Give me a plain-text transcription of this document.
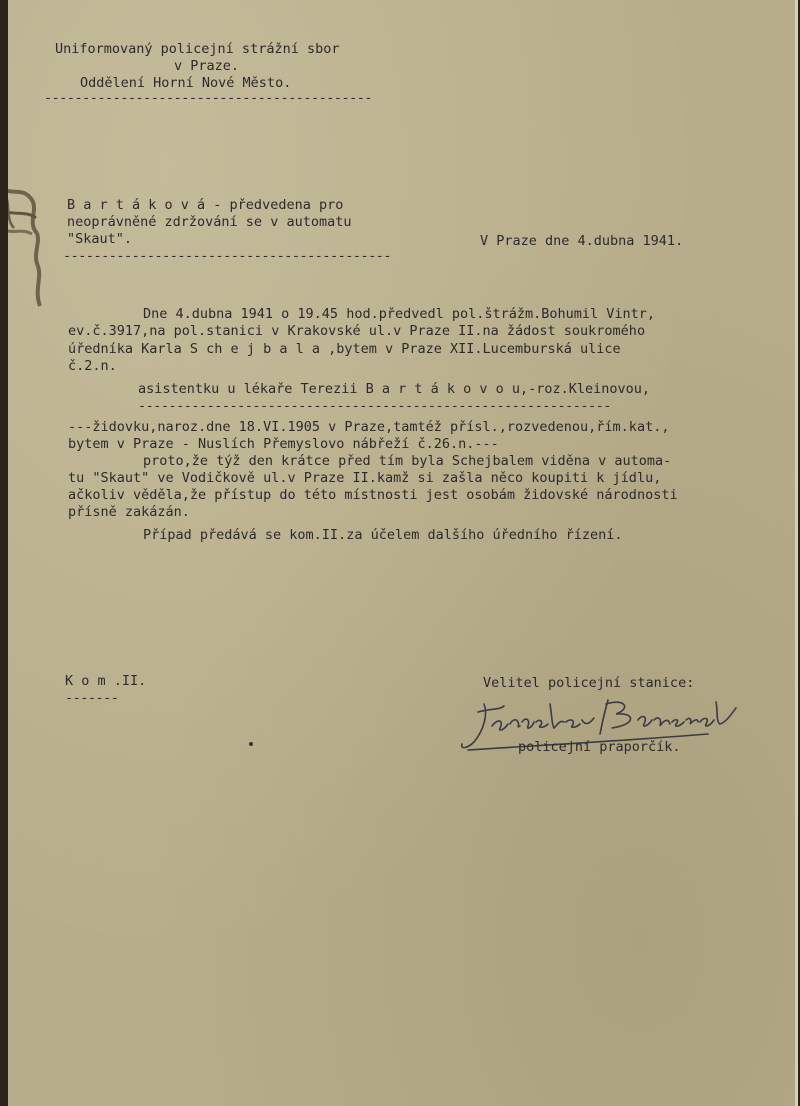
Uniformovaný policejní strážní sbor
v Praze.
Oddělení Horní Nové Město.
-------------------------------------------
B a r t á k o v á - předvedena pro
neoprávněné zdržování se v automatu
"Skaut".
-------------------------------------------
V Praze dne 4.dubna 1941.
Dne 4.dubna 1941 o 19.45 hod.předvedl pol.štrážm.Bohumil Vintr,
ev.č.3917,na pol.stanici v Krakovské ul.v Praze II.na žádost soukromého
úředníka Karla S ch e j b a l a ,bytem v Praze XII.Lucemburská ulice
č.2.n.
asistentku u lékaře Terezii B a r t á k o v o u,-roz.Kleinovou,
--------------------------------------------------------------
---židovku,naroz.dne 18.VI.1905 v Praze,tamtéž přísl.,rozvedenou,řím.kat.,
bytem v Praze - Nuslích Přemyslovo nábřeží č.26.n.---
proto,že týž den krátce před tím byla Schejbalem viděna v automa-
tu "Skaut" ve Vodičkově ul.v Praze II.kamž si zašla něco koupiti k jídlu,
ačkoliv věděla,že přístup do této místnosti jest osobám židovské národnosti
přísně zakázán.
Případ předává se kom.II.za účelem dalšího úředního řízení.
K o m .II.
-------
Velitel policejní stanice:
policejní praporčík.
